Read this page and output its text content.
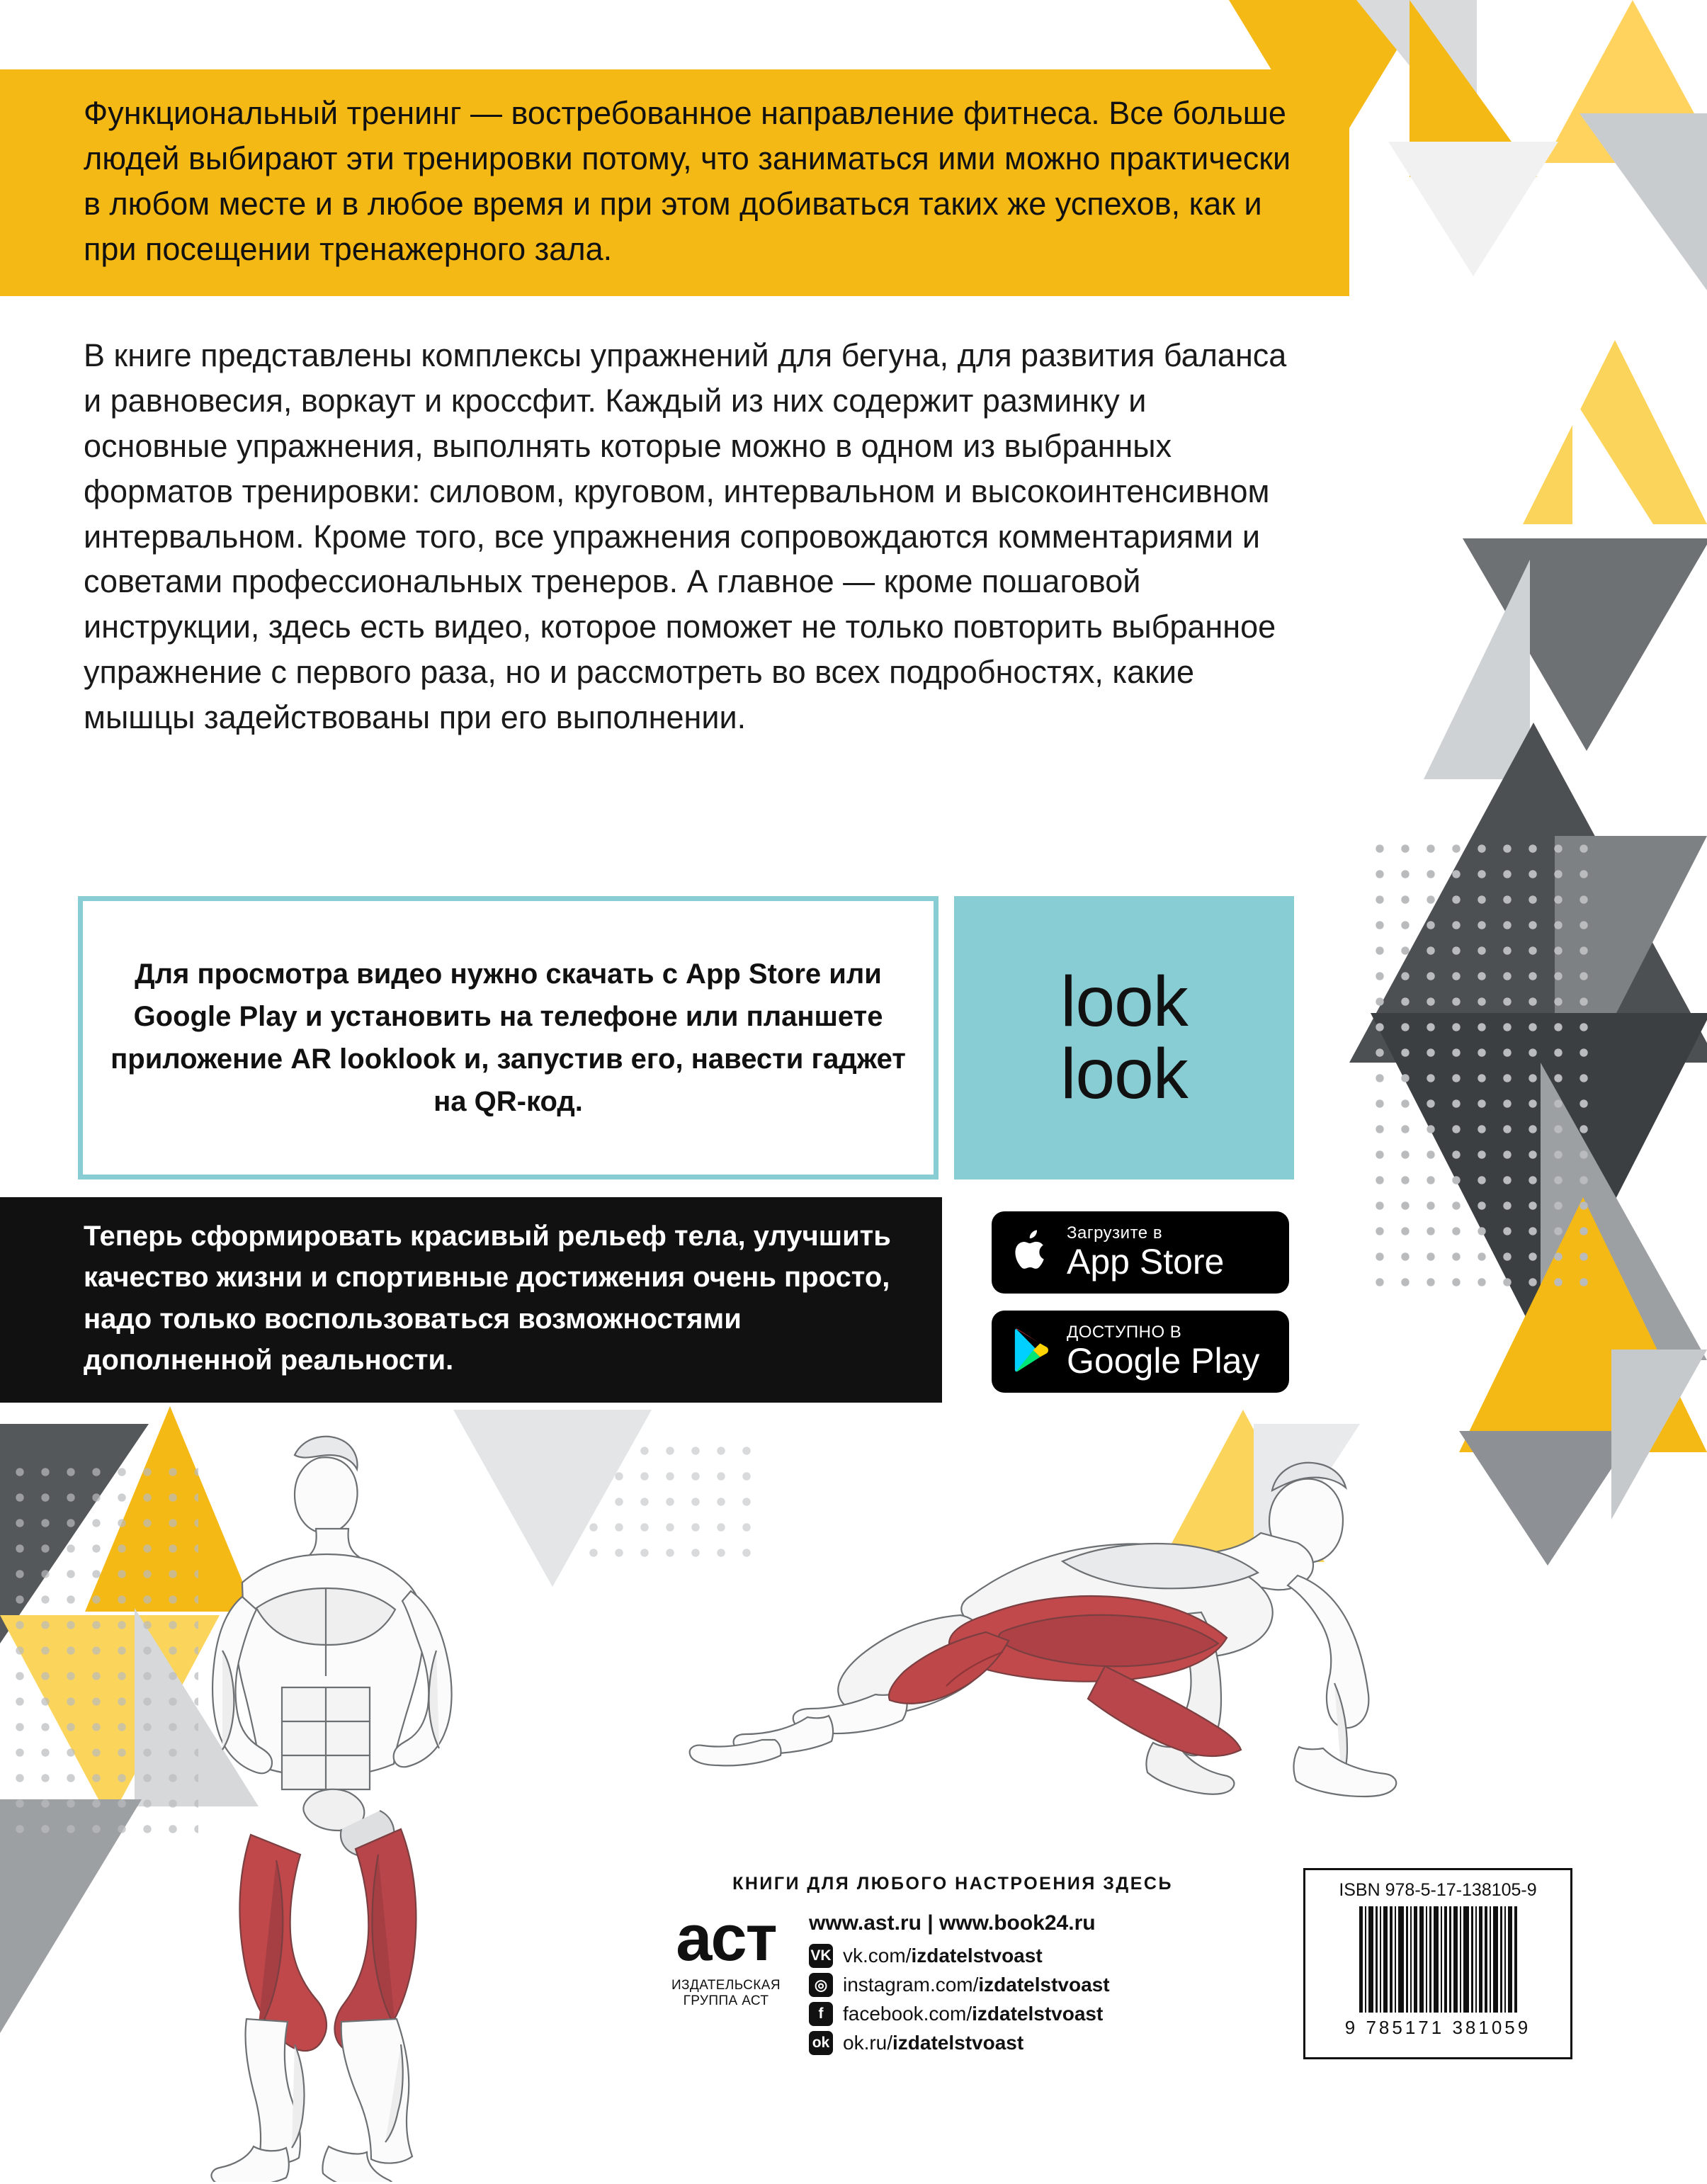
Функциональный тренинг — востребованное направление фитнеса. Все больше людей выбирают эти тренировки потому, что заниматься ими можно практически в любом месте и в любое время и при этом добиваться таких же успехов, как и при посещении тренажерного зала.

В книге представлены комплексы упражнений для бегуна, для развития баланса и равновесия, воркаут и кроссфит. Каждый из них содержит разминку и основные упражнения, выполнять которые можно в одном из выбранных форматов тренировки: силовом, круговом, интервальном и высокоинтенсивном интервальном. Кроме того, все упражнения сопровождаются комментариями и советами профессиональных тренеров. А главное — кроме пошаговой инструкции, здесь есть видео, которое поможет не только повторить выбранное упражнение с первого раза, но и рассмотреть во всех подробностях, какие мышцы задействованы при его выполнении.

Для просмотра видео нужно скачать с App Store или Google Play и установить на телефоне или планшете приложение AR looklook и, запустив его, навести гаджет на QR-код.

look
look

Теперь сформировать красивый рельеф тела, улучшить качество жизни и спортивные достижения очень просто, надо только воспользоваться возможностями дополненной реальности.

Загрузите в
App Store
ДОСТУПНО В
Google Play
КНИГИ ДЛЯ ЛЮБОГО НАСТРОЕНИЯ ЗДЕСЬ
аст
ИЗДАТЕЛЬСКАЯ ГРУППА АСТ
www.ast.ru | www.book24.ru
VK vk.com/ izdatelstvoast
◎ instagram.com/ izdatelstvoast
f facebook.com/ izdatelstvoast
ok ok.ru/ izdatelstvoast
ISBN 978-5-17-138105-9
9 785171 381059
